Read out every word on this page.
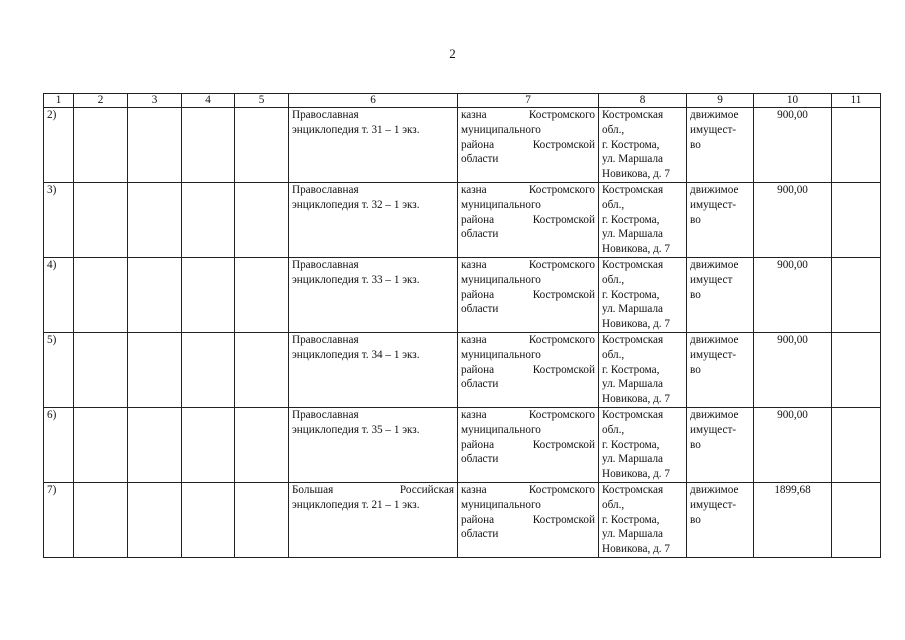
2
1	2	3	4	5	6	7	8	9	10	11
2)					Православная
энциклопедия т. 31 – 1 экз.	казна Костромского
муниципального
района Костромской
области	Костромская
обл.,
г. Кострома,
ул. Маршала
Новикова, д. 7	движимое
имущест-
во	900,00	
3)					Православная
энциклопедия т. 32 – 1 экз.	казна Костромского
муниципального
района Костромской
области	Костромская
обл.,
г. Кострома,
ул. Маршала
Новикова, д. 7	движимое
имущест-
во	900,00	
4)					Православная
энциклопедия т. 33 – 1 экз.	казна Костромского
муниципального
района Костромской
области	Костромская
обл.,
г. Кострома,
ул. Маршала
Новикова, д. 7	движимое
имущест
во	900,00	
5)					Православная
энциклопедия т. 34 – 1 экз.	казна Костромского
муниципального
района Костромской
области	Костромская
обл.,
г. Кострома,
ул. Маршала
Новикова, д. 7	движимое
имущест-
во	900,00	
6)					Православная
энциклопедия т. 35 – 1 экз.	казна Костромского
муниципального
района Костромской
области	Костромская
обл.,
г. Кострома,
ул. Маршала
Новикова, д. 7	движимое
имущест-
во	900,00	
7)					Большая Российская
энциклопедия т. 21 – 1 экз.	казна Костромского
муниципального
района Костромской
области	Костромская
обл.,
г. Кострома,
ул. Маршала
Новикова, д. 7	движимое
имущест-
во	1899,68	
